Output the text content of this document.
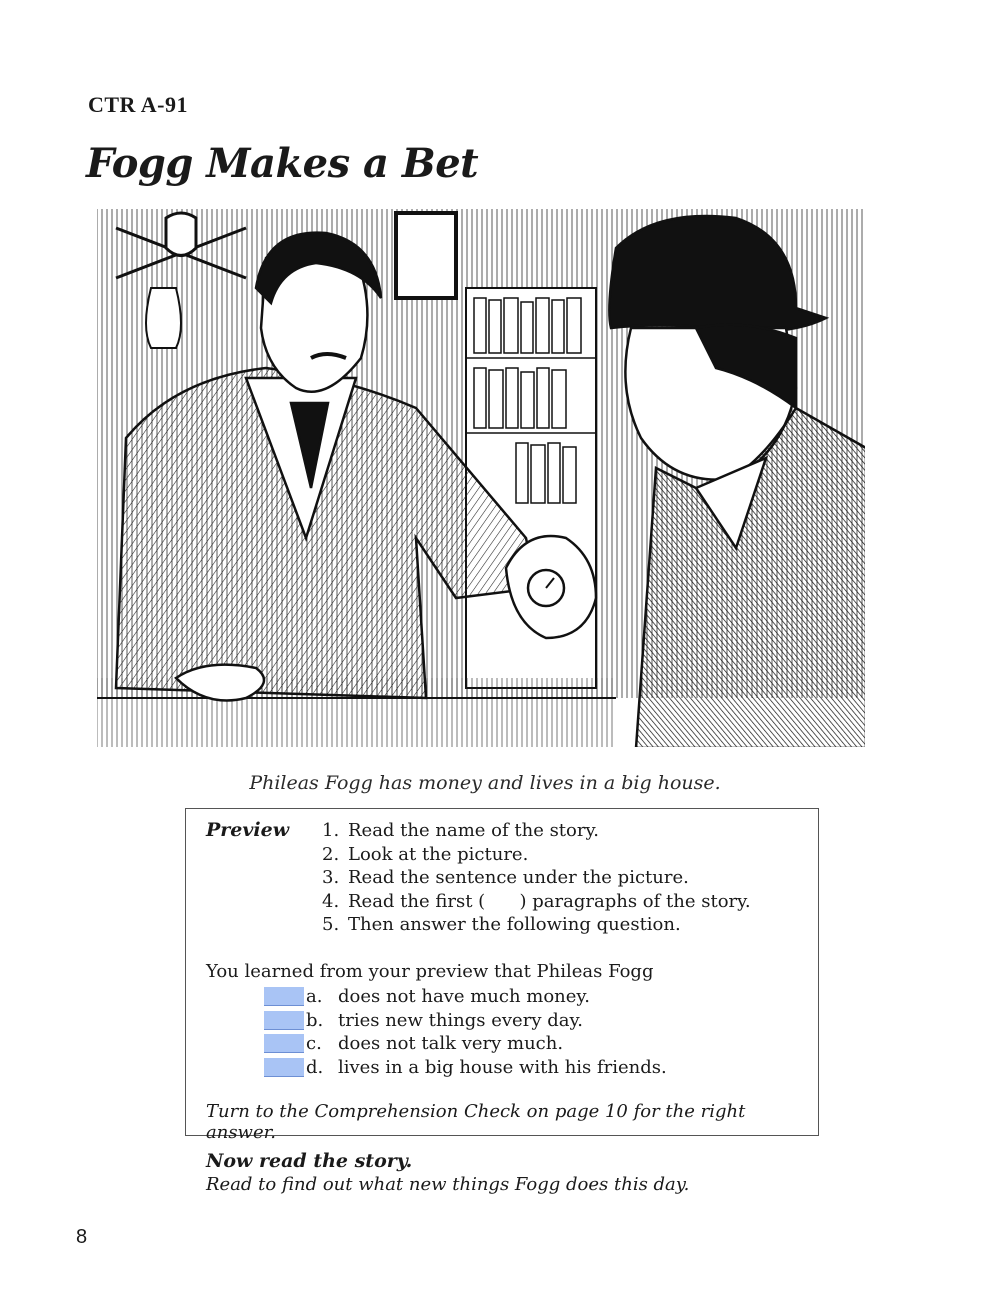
CTR A-91
Fogg Makes a Bet
Phileas Fogg has money and lives in a big house.
Preview 1. Read the name of the story.
2. Look at the picture.
3. Read the sentence under the picture.
4. Read the first (      ) paragraphs of the story.
5. Then answer the following question.
You learned from your preview that Phileas Fogg
a. does not have much money.
b. tries new things every day.
c. does not talk very much.
d. lives in a big house with his friends.
Turn to the Comprehension Check on page 10 for the right answer.
Now read the story.
Read to find out what new things Fogg does this day.
8
